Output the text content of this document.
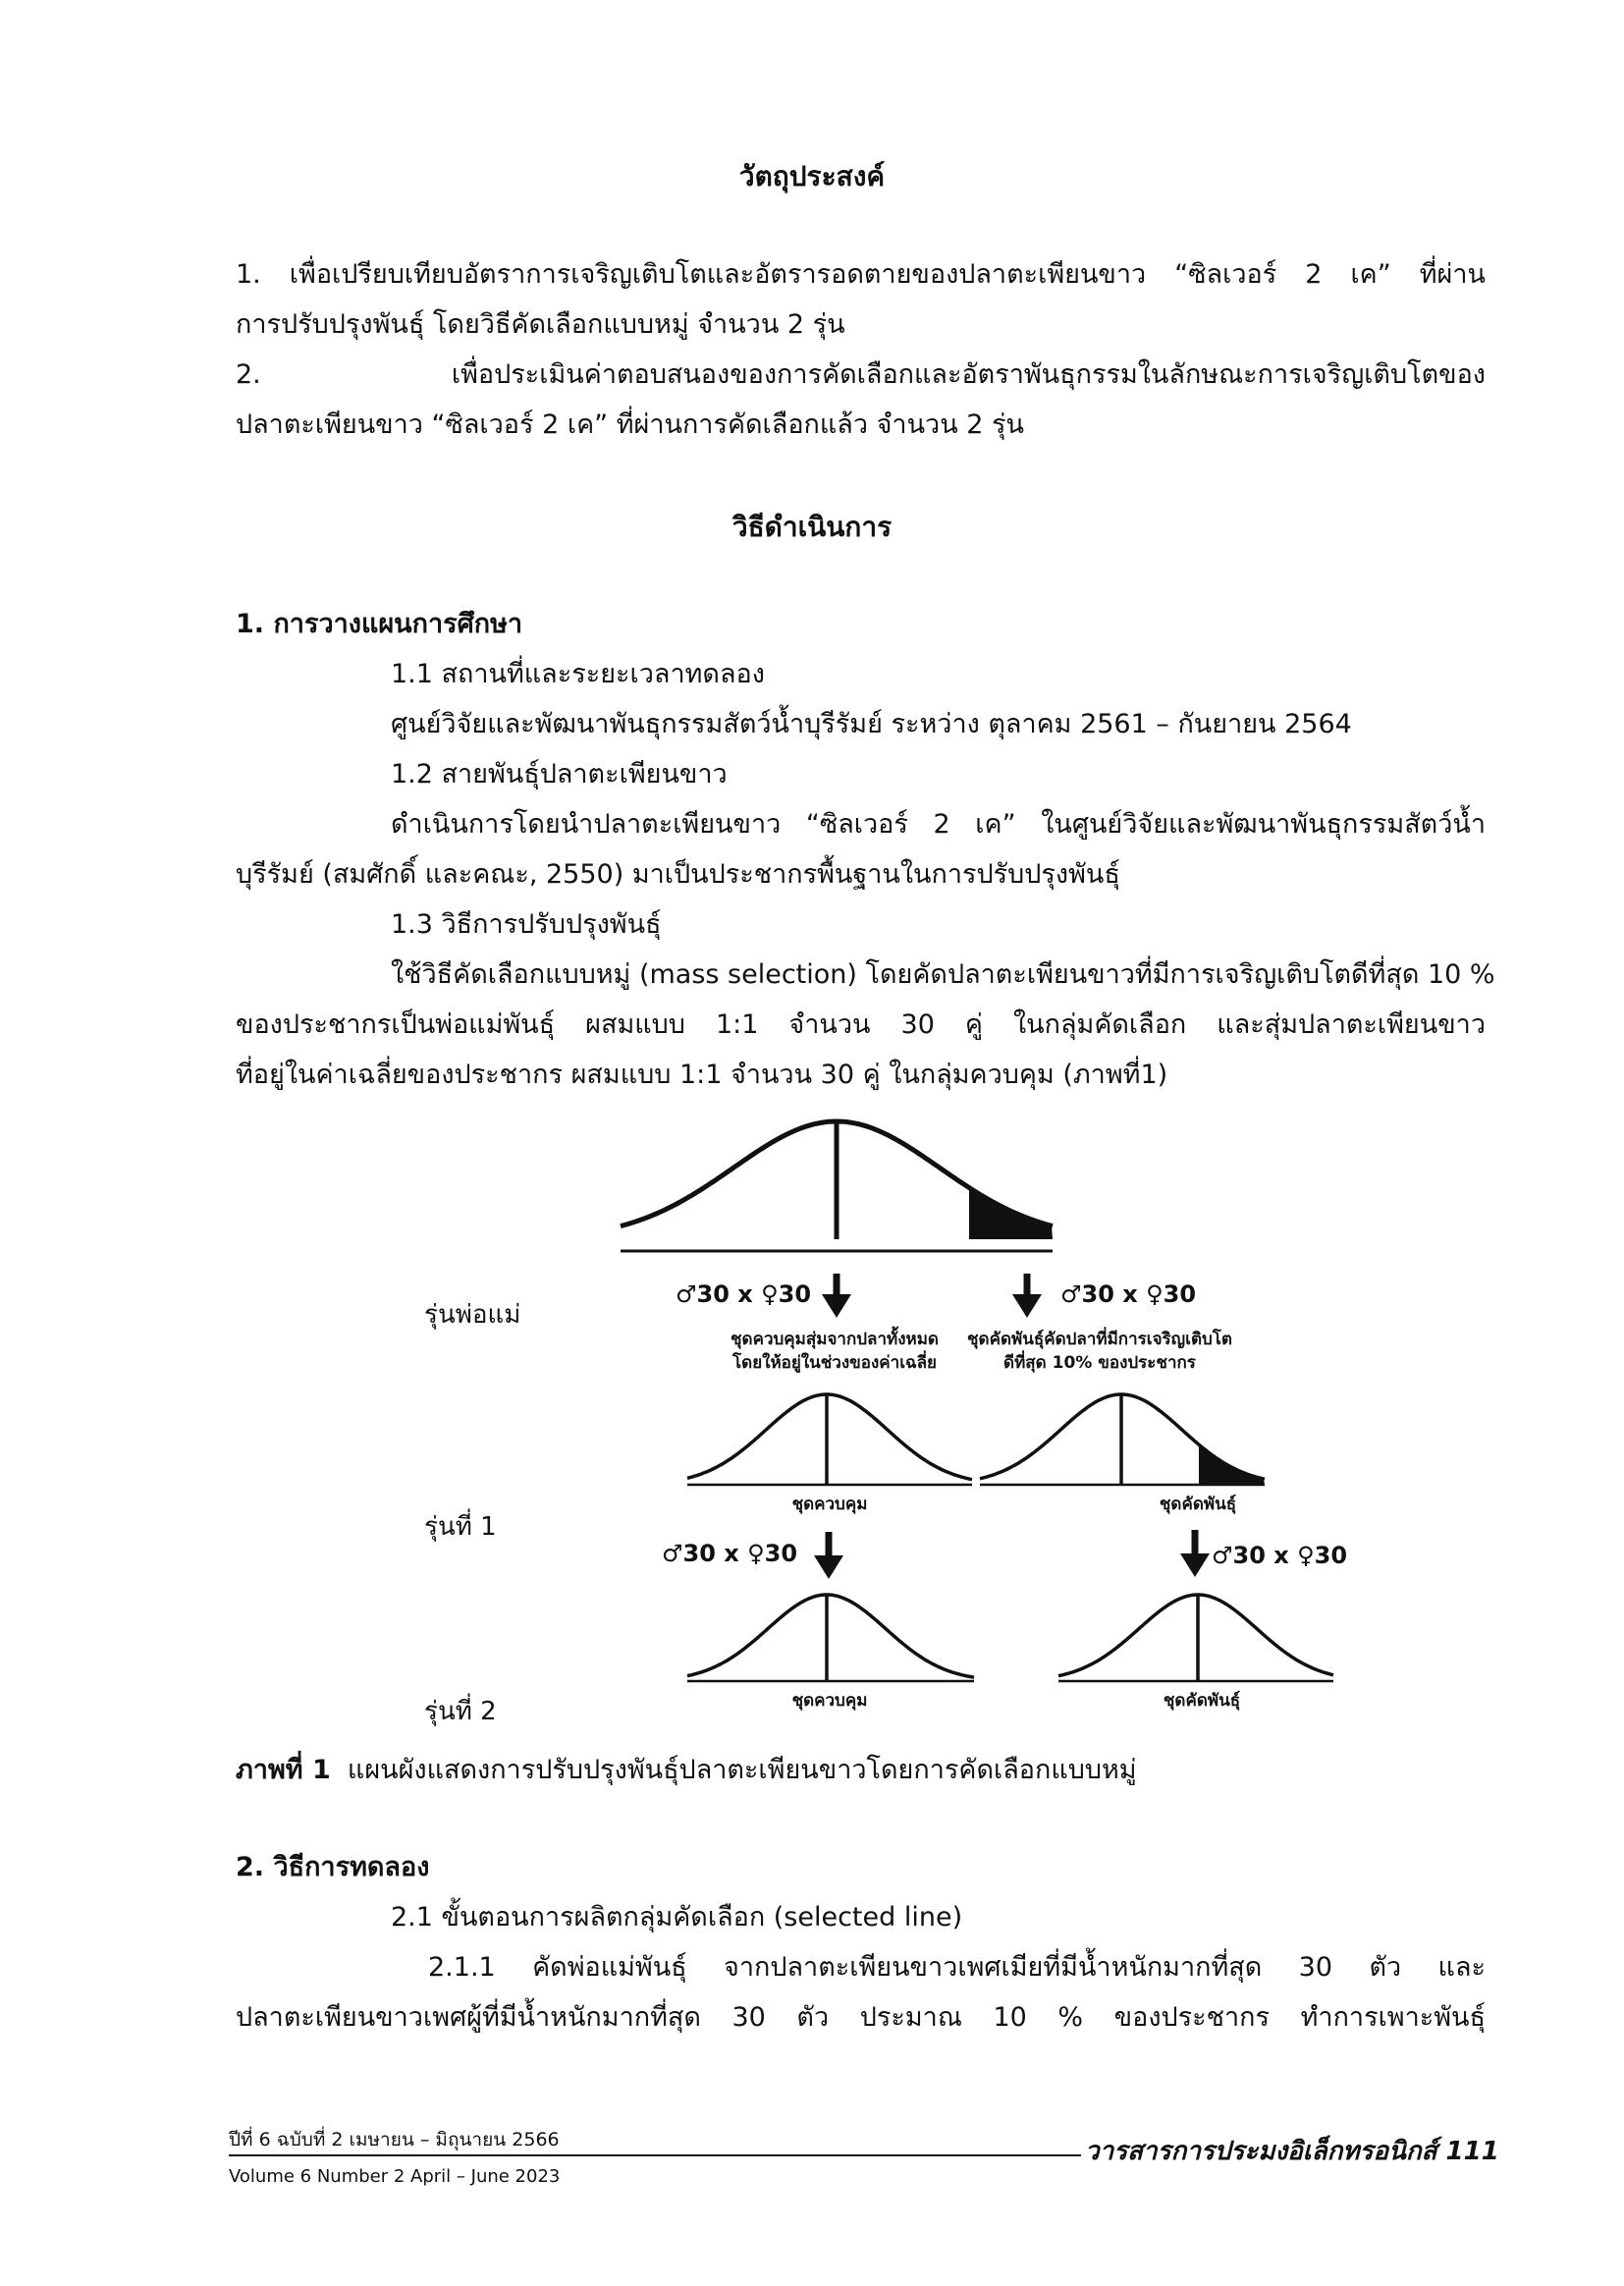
วัตถุประสงค์
1. เพื่อเปรียบเทียบอัตราการเจริญเติบโตและอัตรารอดตายของปลาตะเพียนขาว “ซิลเวอร์ 2 เค” ที่ผ่าน
การปรับปรุงพันธุ์ โดยวิธีคัดเลือกแบบหมู่ จำนวน 2 รุ่น
2. เพื่อประเมินค่าตอบสนองของการคัดเลือกและอัตราพันธุกรรมในลักษณะการเจริญเติบโตของ
ปลาตะเพียนขาว “ซิลเวอร์ 2 เค” ที่ผ่านการคัดเลือกแล้ว จำนวน 2 รุ่น
วิธีดำเนินการ
1. การวางแผนการศึกษา
1.1 สถานที่และระยะเวลาทดลอง
ศูนย์วิจัยและพัฒนาพันธุกรรมสัตว์น้ำบุรีรัมย์ ระหว่าง ตุลาคม 2561 – กันยายน 2564
1.2 สายพันธุ์ปลาตะเพียนขาว
ดำเนินการโดยนำปลาตะเพียนขาว “ซิลเวอร์ 2 เค” ในศูนย์วิจัยและพัฒนาพันธุกรรมสัตว์น้ำ
บุรีรัมย์ (สมศักดิ์ และคณะ, 2550) มาเป็นประชากรพื้นฐานในการปรับปรุงพันธุ์
1.3 วิธีการปรับปรุงพันธุ์
ใช้วิธีคัดเลือกแบบหมู่ (mass selection) โดยคัดปลาตะเพียนขาวที่มีการเจริญเติบโตดีที่สุด 10 %
ของประชากรเป็นพ่อแม่พันธุ์ ผสมแบบ 1:1 จำนวน 30 คู่ ในกลุ่มคัดเลือก และสุ่มปลาตะเพียนขาว
ที่อยู่ในค่าเฉลี่ยของประชากร ผสมแบบ 1:1 จำนวน 30 คู่ ในกลุ่มควบคุม (ภาพที่1)
รุ่นพ่อแม่
รุ่นที่ 1
รุ่นที่ 2
♂30 x ♀30	♂30 x ♀30
♂30 x ♀30	♂30 x ♀30
ชุดควบคุมสุ่มจากปลาทั้งหมด
โดยให้อยู่ในช่วงของค่าเฉลี่ย
ชุดคัดพันธุ์คัดปลาที่มีการเจริญเติบโต
ดีที่สุด 10% ของประชากร
ชุดควบคุม	ชุดคัดพันธุ์
ชุดควบคุม	ชุดคัดพันธุ์
ภาพที่ 1 แผนผังแสดงการปรับปรุงพันธุ์ปลาตะเพียนขาวโดยการคัดเลือกแบบหมู่
2. วิธีการทดลอง
2.1 ขั้นตอนการผลิตกลุ่มคัดเลือก (selected line)
2.1.1 คัดพ่อแม่พันธุ์ จากปลาตะเพียนขาวเพศเมียที่มีน้ำหนักมากที่สุด 30 ตัว และ
ปลาตะเพียนขาวเพศผู้ที่มีน้ำหนักมากที่สุด 30 ตัว ประมาณ 10 % ของประชากร ทำการเพาะพันธุ์
ปีที่ 6 ฉบับที่ 2 เมษายน – มิถุนายน 2566
Volume 6 Number 2 April – June 2023
วารสารการประมงอิเล็กทรอนิกส์ 111
